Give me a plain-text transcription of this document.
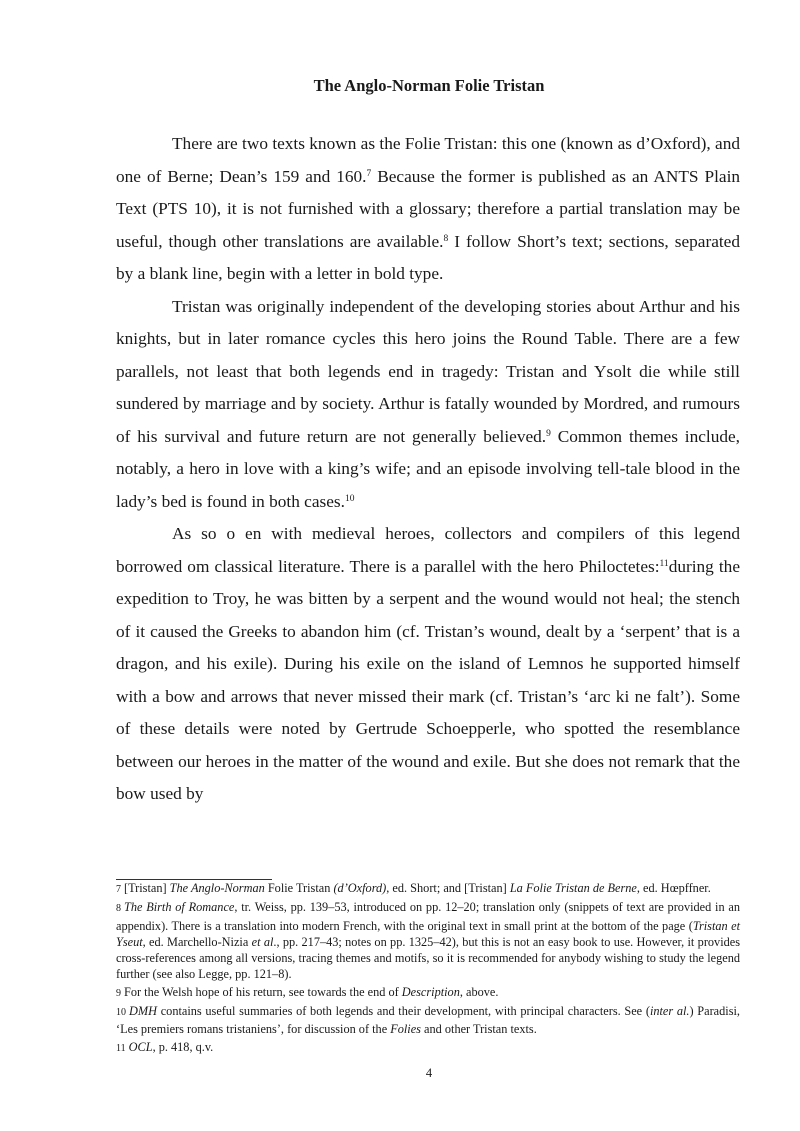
The Anglo-Norman Folie Tristan

There are two texts known as the Folie Tristan: this one (known as d’Oxford), and one of Berne; Dean’s 159 and 160.$^7$ Because the former is published as an ANTS Plain Text (PTS 10), it is not furnished with a glossary; therefore a partial translation may be useful, though other translations are available.$^8$ I follow Short’s text; sections, separated by a blank line, begin with a letter in bold type.

Tristan was originally independent of the developing stories about Arthur and his knights, but in later romance cycles this hero joins the Round Table. There are a few parallels, not least that both legends end in tragedy: Tristan and Ysolt die while still sundered by marriage and by society. Arthur is fatally wounded by Mordred, and rumours of his survival and future return are not generally believed.$^9$ Common themes include, notably, a hero in love with a king’s wife; and an episode involving tell-tale blood in the lady’s bed is found in both cases.$^{10}$

As so o en with medieval heroes, collectors and compilers of this legend borrowed om classical literature. There is a parallel with the hero Philoctetes:$^{11}$during the expedition to Troy, he was bitten by a serpent and the wound would not heal; the stench of it caused the Greeks to abandon him (cf. Tristan’s wound, dealt by a ‘serpent’ that is a dragon, and his exile). During his exile on the island of Lemnos he supported himself with a bow and arrows that never missed their mark (cf. Tristan’s ‘arc ki ne falt’). Some of these details were noted by Gertrude Schoepperle, who spotted the resemblance between our heroes in the matter of the wound and exile. But she does not remark that the bow used by

7 [Tristan] The Anglo-Norman Folie Tristan (d’Oxford), ed. Short; and [Tristan] La Folie Tristan de Berne, ed. Hœpffner.
8 The Birth of Romance, tr. Weiss, pp. 139–53, introduced on pp. 12–20; translation only (snippets of text are provided in an appendix). There is a translation into modern French, with the original text in small print at the bottom of the page (Tristan et Yseut, ed. Marchello-Nizia et al., pp. 217–43; notes on pp. 1325–42), but this is not an easy book to use. However, it provides cross-references among all versions, tracing themes and motifs, so it is recommended for anybody wishing to study the legend further (see also Legge, pp. 121–8).
9 For the Welsh hope of his return, see towards the end of Description, above.
10 DMH contains useful summaries of both legends and their development, with principal characters. See (inter al.) Paradisi, ‘Les premiers romans tristaniens’, for discussion of the Folies and other Tristan texts.
11 OCL, p. 418, q.v.
4
